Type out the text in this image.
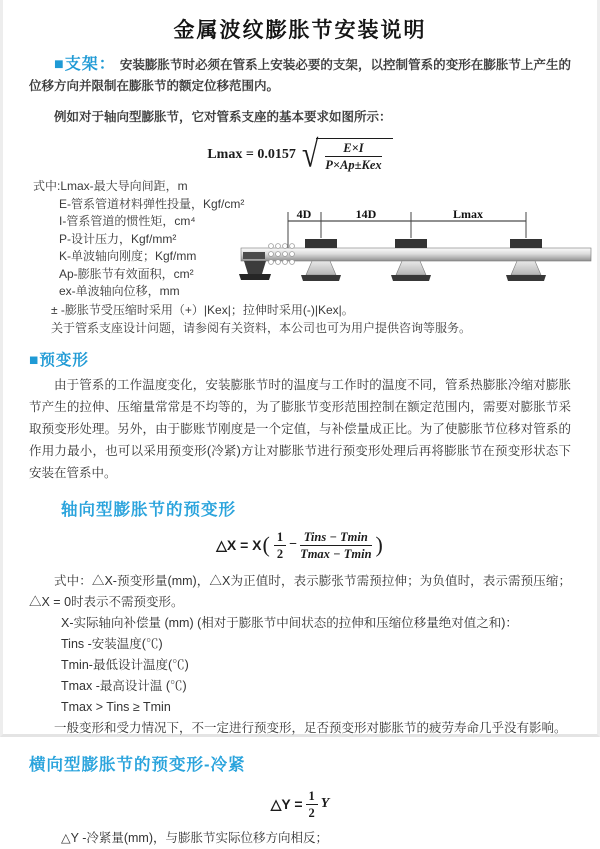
金属波纹膨胀节安装说明
■支架： 安装膨胀节时必须在管系上安装必要的支架，以控制管系的变形在膨胀节上产生的位移方向并限制在膨胀节的额定位移范围内。
例如对于轴向型膨胀节，它对管系支座的基本要求如图所示：
Lmax = 0.0157 √ $\frac{E\times I}{\text{P×Ap±Kex}}$
式中:Lmax-最大导向间距，m
E-管系管道材料弹性投量，Kgf/cm²
I-管系管道的惯性矩，cm⁴
P-设计压力，Kgf/mm²
K-单波轴向刚度；Kgf/mm
Ap-膨胀节有效面积，cm²
ex-单波轴向位移，mm
± -膨胀节受压缩时采用（+）|Kex|；拉伸时采用(-)|Kex|。
关于管系支座设计问题，请参阅有关资料，本公司也可为用户提供咨询等服务。
4D	14D	Lmax
■预变形
由于管系的工作温度变化，安装膨胀节时的温度与工作时的温度不同，管系热膨胀冷缩对膨胀节产生的拉伸、压缩量常常是不均等的，为了膨胀节变形范围控制在额定范围内，需要对膨胀节采取预变形处理。另外，由于膨账节刚度是一个定值，与补偿量成正比。为了使膨胀节位移对管系的作用力最小，也可以采用预变形(冷紧)方让对膨胀节进行预变形处理后再将膨胀节在预变形状态下安装在管系中。
轴向型膨胀节的预变形
△X = X ( $\frac{1}{2} - \frac{\text{Tins − Tmin}}{Tmax - Tmin}$ )
式中：△X-预变形量(mm)，△X为正值时，表示膨张节需预拉伸；为负值时，表示需预压缩；△X = 0时表示不需预变形。
X-实际轴向补偿量 (mm) (相对于膨胀节中间状态的拉伸和压缩位移量绝对值之和)：
Tins -安装温度(℃)
Tmin-最低设计温度(℃)
Tmax -最高设计温 (℃)
Tmax > Tins ≥ Tmin
一般变形和受力情况下，不一定进行预变形，足否预变形对膨胀节的疲劳寿命几乎没有影响。
横向型膨胀节的预变形-冷紧
△Y = $\frac{1}{2}$ Y
△Y -冷紧量(mm)，与膨胀节实际位移方向相反；
